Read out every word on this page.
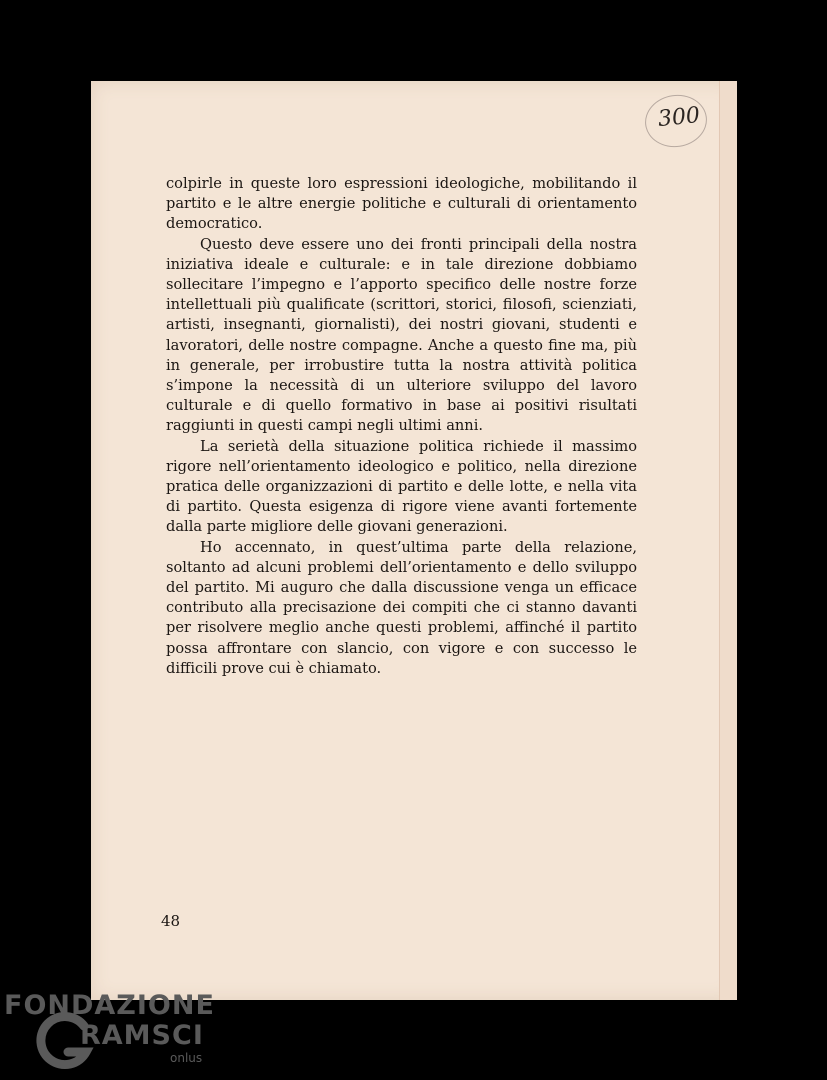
300

colpirle in queste loro espressioni ideologiche, mobilitando il partito e le altre energie politiche e culturali di orientamento democratico.

Questo deve essere uno dei fronti principali della nostra iniziativa ideale e culturale: e in tale direzione dobbiamo sollecitare l’impegno e l’apporto specifico delle nostre forze intellettuali più qualificate (scrittori, storici, filosofi, scienziati, artisti, insegnanti, giornalisti), dei nostri giovani, studenti e lavoratori, delle nostre compagne. Anche a questo fine ma, più in generale, per irrobustire tutta la nostra attività politica s’impone la necessità di un ulteriore sviluppo del lavoro culturale e di quello formativo in base ai positivi risultati raggiunti in questi campi negli ultimi anni.

La serietà della situazione politica richiede il massimo rigore nell’orientamento ideologico e politico, nella direzione pratica delle organizzazioni di partito e delle lotte, e nella vita di partito. Questa esigenza di rigore viene avanti fortemente dalla parte migliore delle giovani generazioni.

Ho accennato, in quest’ultima parte della relazione, soltanto ad alcuni problemi dell’orientamento e dello sviluppo del partito. Mi auguro che dalla discussione venga un efficace contributo alla precisazione dei compiti che ci stanno davanti per risolvere meglio anche questi problemi, affinché il partito possa affrontare con slancio, con vigore e con successo le difficili prove cui è chiamato.

48
FONDAZIONE
RAMSCI
onlus
